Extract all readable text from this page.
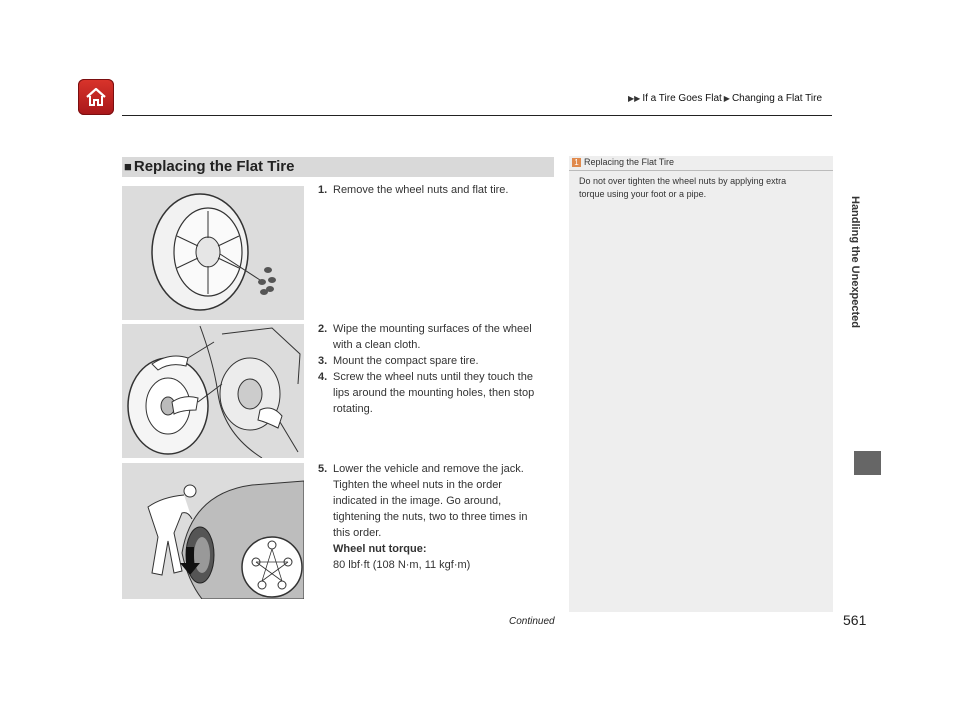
▶▶ If a Tire Goes Flat ▶ Changing a Flat Tire
Handling the Unexpected
■ Replacing the Flat Tire
1. Remove the wheel nuts and flat tire.
2. Wipe the mounting surfaces of the wheel
with a clean cloth.
3. Mount the compact spare tire.
4. Screw the wheel nuts until they touch the
lips around the mounting holes, then stop
rotating.
5. Lower the vehicle and remove the jack.
Tighten the wheel nuts in the order
indicated in the image. Go around,
tightening the nuts, two to three times in
this order.
Wheel nut torque:
80 lbf·ft (108 N·m, 11 kgf·m)
1 Replacing the Flat Tire
Do not over tighten the wheel nuts by applying extra
torque using your foot or a pipe.
Continued	561
